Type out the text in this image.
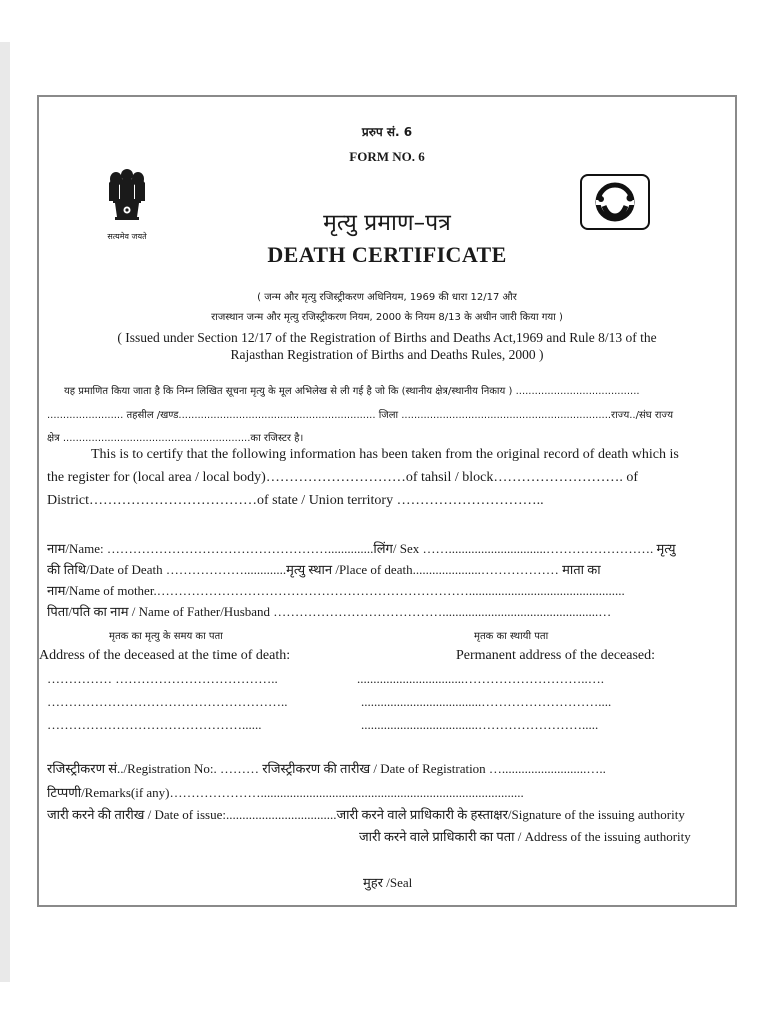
सत्यमेव जयते
प्ररुप सं. 6
FORM NO. 6
मृत्यु प्रमाण–पत्र
DEATH CERTIFICATE
( जन्म और मृत्यु रजिस्ट्रीकरण अधिनियम, 1969 की धारा 12/17 और
राजस्थान जन्म और मृत्यु रजिस्ट्रीकरण नियम, 2000 के नियम 8/13 के अधीन जारी किया गया )
( Issued under Section 12/17 of the Registration of Births and Deaths Act,1969 and Rule 8/13 of the
Rajasthan Registration of Births and Deaths Rules, 2000 )
यह प्रमाणित किया जाता है कि निम्न लिखित सूचना मृत्यु के मूल अभिलेख से ली गई है जो कि (स्थानीय क्षेत्र/स्थानीय निकाय ) .......................................
........................ तहसील /खण्ड.............................................................. जिला ..................................................................राज्य../संघ राज्य
क्षेत्र ...........................................................का रजिस्टर है।
This is to certify that the following information has been taken from the original record of death which is
the register for (local area / local body)…………………………of tahsil / block………………………. of
District………………………………of state / Union territory …………………………..
नाम/Name: ……………………………………………..............लिंग/ Sex ……..............................……………………. मृत्यु
की तिथि/Date of Death ……………….............मृत्यु स्थान /Place of death.....................……………… माता का
नाम/Name of mother.………………………………………………………………................................................
पिता/पति का नाम / Name of Father/Husband …………………………………................................................…
मृतक का मृत्यु के समय का पता	मृतक का स्थायी पता
Address of the deceased at the time of death:	Permanent address of the deceased:
…………… ………………………………..
………………………………………………..
………………………………………......
.................................………………………..….
.....................................………………………....
....................................…………………….....
रजिस्ट्रीकरण सं../Registration No:. ……… रजिस्ट्रीकरण की तारीख / Date of Registration …..........................…..
टिप्पणी/Remarks(if any)………………….................................................................................
जारी करने की तारीख / Date of issue:..................................जारी करने वाले प्राधिकारी के हस्ताक्षर/Signature of the issuing authority
जारी करने वाले प्राधिकारी का पता / Address of the issuing authority
मुहर /Seal
